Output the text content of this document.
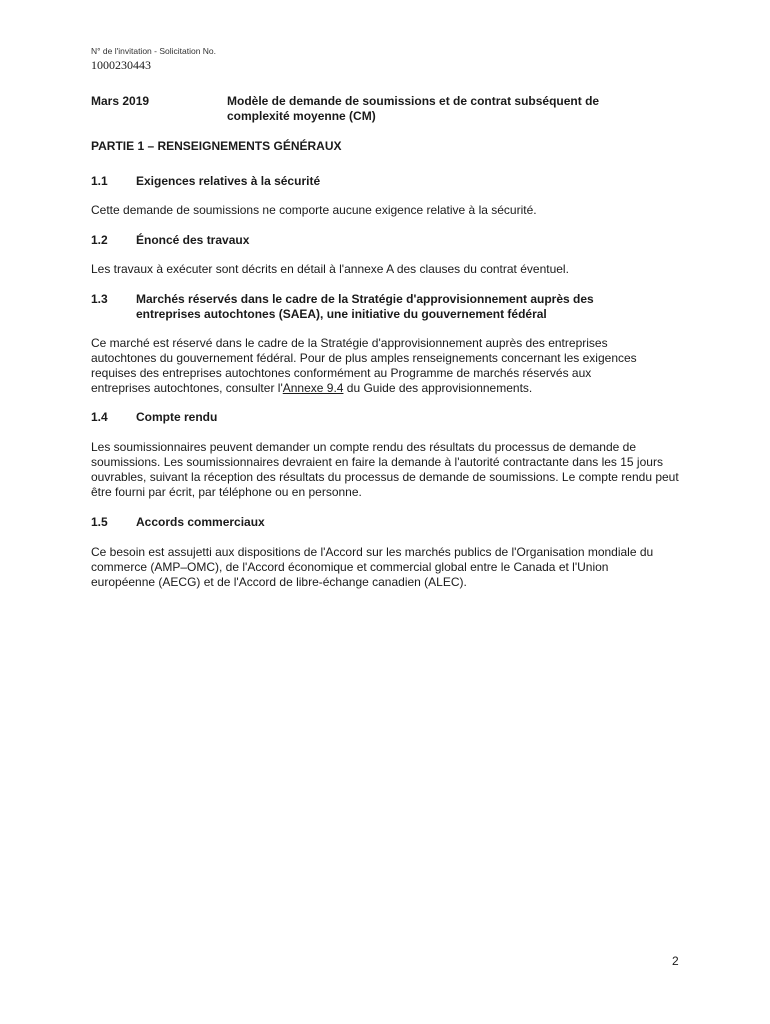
N° de l'invitation - Solicitation No.
1000230443
Mars 2019	Modèle de demande de soumissions et de contrat subséquent de complexité moyenne (CM)
PARTIE 1 – RENSEIGNEMENTS GÉNÉRAUX
1.1 Exigences relatives à la sécurité

Cette demande de soumissions ne comporte aucune exigence relative à la sécurité.

1.2 Énoncé des travaux

Les travaux à exécuter sont décrits en détail à l'annexe A des clauses du contrat éventuel.

1.3 Marchés réservés dans le cadre de la Stratégie d'approvisionnement auprès des entreprises autochtones (SAEA), une initiative du gouvernement fédéral

Ce marché est réservé dans le cadre de la Stratégie d'approvisionnement auprès des entreprises autochtones du gouvernement fédéral. Pour de plus amples renseignements concernant les exigences requises des entreprises autochtones conformément au Programme de marchés réservés aux entreprises autochtones, consulter l'Annexe 9.4 du Guide des approvisionnements.

1.4 Compte rendu

Les soumissionnaires peuvent demander un compte rendu des résultats du processus de demande de soumissions. Les soumissionnaires devraient en faire la demande à l'autorité contractante dans les 15 jours ouvrables, suivant la réception des résultats du processus de demande de soumissions. Le compte rendu peut être fourni par écrit, par téléphone ou en personne.

1.5 Accords commerciaux

Ce besoin est assujetti aux dispositions de l'Accord sur les marchés publics de l'Organisation mondiale du commerce (AMP–OMC), de l'Accord économique et commercial global entre le Canada et l'Union européenne (AECG) et de l'Accord de libre-échange canadien (ALEC).

2
